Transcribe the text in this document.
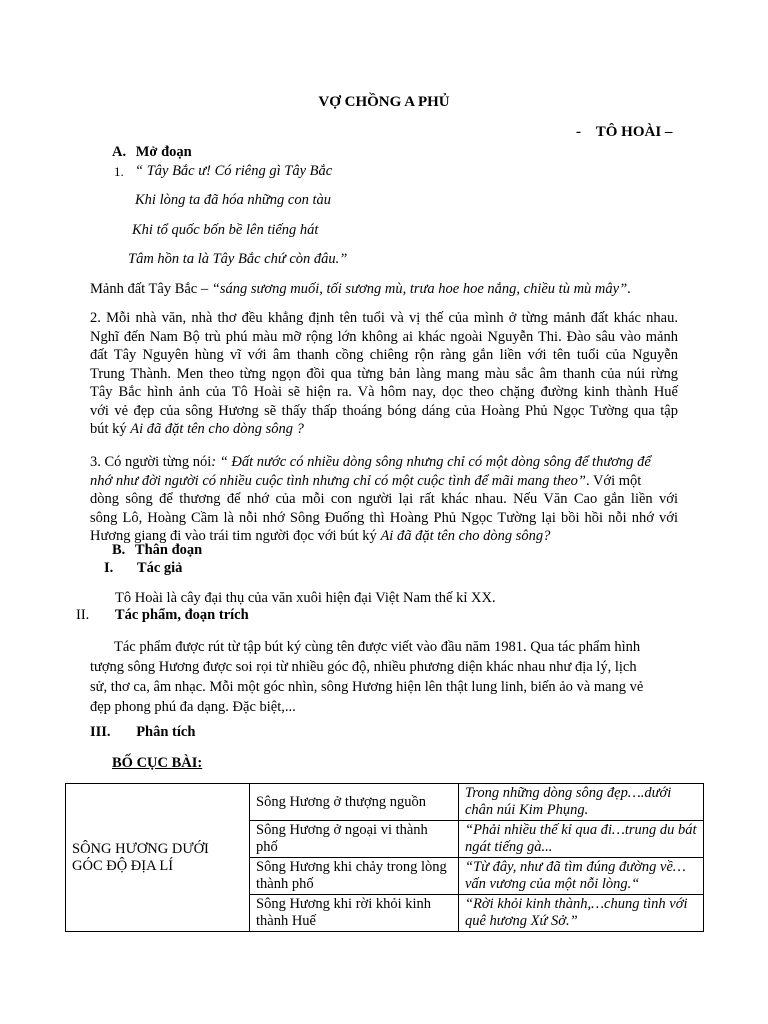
VỢ CHỒNG A PHỦ
-    TÔ HOÀI –
A. Mở đoạn
1. “ Tây Bắc ư! Có riêng gì Tây Bắc
Khi lòng ta đã hóa những con tàu
Khi tổ quốc bốn bề lên tiếng hát
Tâm hồn ta là Tây Bắc chứ còn đâu.”
Mảnh đất Tây Bắc – “sáng sương muối, tối sương mù, trưa hoe hoe nắng, chiều tù mù mây”.
2. Mỗi nhà văn, nhà thơ đều khẳng định tên tuổi và vị thế của mình ở từng mảnh đất khác nhau.
Nghĩ đến Nam Bộ trù phú màu mỡ rộng lớn không ai khác ngoài Nguyễn Thi. Đào sâu vào mảnh
đất Tây Nguyên hùng vĩ với âm thanh cồng chiêng rộn ràng gắn liền với tên tuổi của Nguyễn
Trung Thành. Men theo từng ngọn đồi qua từng bản làng mang màu sắc âm thanh của núi rừng
Tây Bắc hình ảnh của Tô Hoài sẽ hiện ra. Và hôm nay, dọc theo chặng đường kinh thành Huế
với vẻ đẹp của sông Hương sẽ thấy thấp thoáng bóng dáng của Hoàng Phủ Ngọc Tường qua tập
bút ký Ai đã đặt tên cho dòng sông ?
3. Có người từng nói: “ Đất nước có nhiều dòng sông nhưng chỉ có một dòng sông để thương để
nhớ như đời người có nhiều cuộc tình nhưng chỉ có một cuộc tình để mãi mang theo”. Với một
dòng sông để thương để nhớ của mỗi con người lại rất khác nhau. Nếu Văn Cao gắn liền với
sông Lô, Hoàng Cầm là nỗi nhớ Sông Đuống thì Hoàng Phủ Ngọc Tường lại bồi hồi nỗi nhớ với
Hương giang đi vào trái tim người đọc với bút ký Ai đã đặt tên cho dòng sông?
B. Thân đoạn
I. Tác giả
Tô Hoài là cây đại thụ của văn xuôi hiện đại Việt Nam thế kỉ XX.
II. Tác phẩm, đoạn trích
Tác phẩm được rút từ tập bút ký cùng tên được viết vào đầu năm 1981. Qua tác phẩm hình
tượng sông Hương được soi rọi từ nhiều góc độ, nhiều phương diện khác nhau như địa lý, lịch
sử, thơ ca, âm nhạc. Mỗi một góc nhìn, sông Hương hiện lên thật lung linh, biến ảo và mang vẻ
đẹp phong phú đa dạng. Đặc biệt,...
III. Phân tích
BỐ CỤC BÀI:
SÔNG HƯƠNG DƯỚI GÓC ĐỘ ĐỊA LÍ	Sông Hương ở thượng nguồn	Trong những dòng sông đẹp….dưới chân núi Kim Phụng.
	Sông Hương ở ngoại vi thành phố	“Phải nhiều thế kỉ qua đi…trung du bát ngát tiếng gà...
	Sông Hương khi chảy trong lòng thành phố	“Từ đây, như đã tìm đúng đường về…vấn vương của một nỗi lòng.“
	Sông Hương khi rời khỏi kinh thành Huế	“Rời khỏi kinh thành,…chung tình với quê hương Xứ Sở.”
